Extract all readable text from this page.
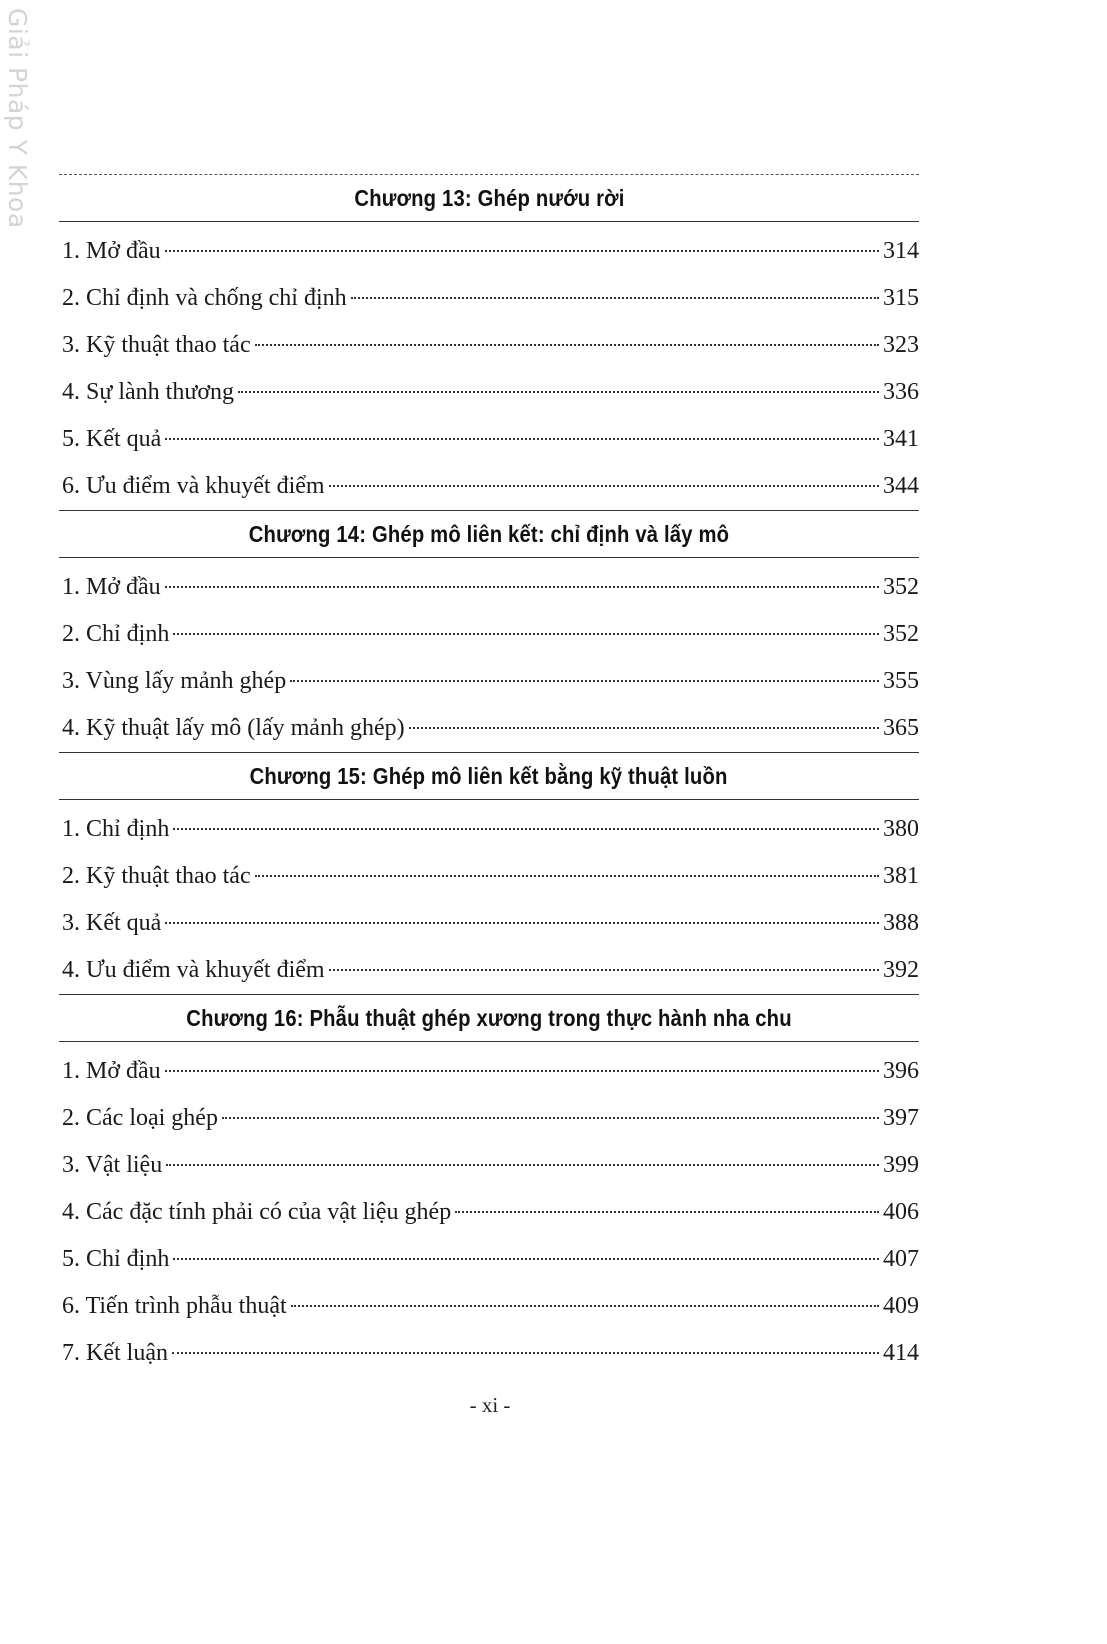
Giải Pháp Y Khoa	Chương 13: Ghép nướu rời
1. Mở đầu	314
2. Chỉ định và chống chỉ định	315
3. Kỹ thuật thao tác	323
4. Sự lành thương	336
5. Kết quả	341
6. Ưu điểm và khuyết điểm	344
Chương 14: Ghép mô liên kết: chỉ định và lấy mô
1. Mở đầu	352
2. Chỉ định	352
3. Vùng lấy mảnh ghép	355
4. Kỹ thuật lấy mô (lấy mảnh ghép)	365
Chương 15: Ghép mô liên kết bằng kỹ thuật luồn
1. Chỉ định	380
2. Kỹ thuật thao tác	381
3. Kết quả	388
4. Ưu điểm và khuyết điểm	392
Chương 16: Phẫu thuật ghép xương trong thực hành nha chu
1. Mở đầu	396
2. Các loại ghép	397
3. Vật liệu	399
4. Các đặc tính phải có của vật liệu ghép	406
5. Chỉ định	407
6. Tiến trình phẫu thuật	409
7. Kết luận	414
- xi -
